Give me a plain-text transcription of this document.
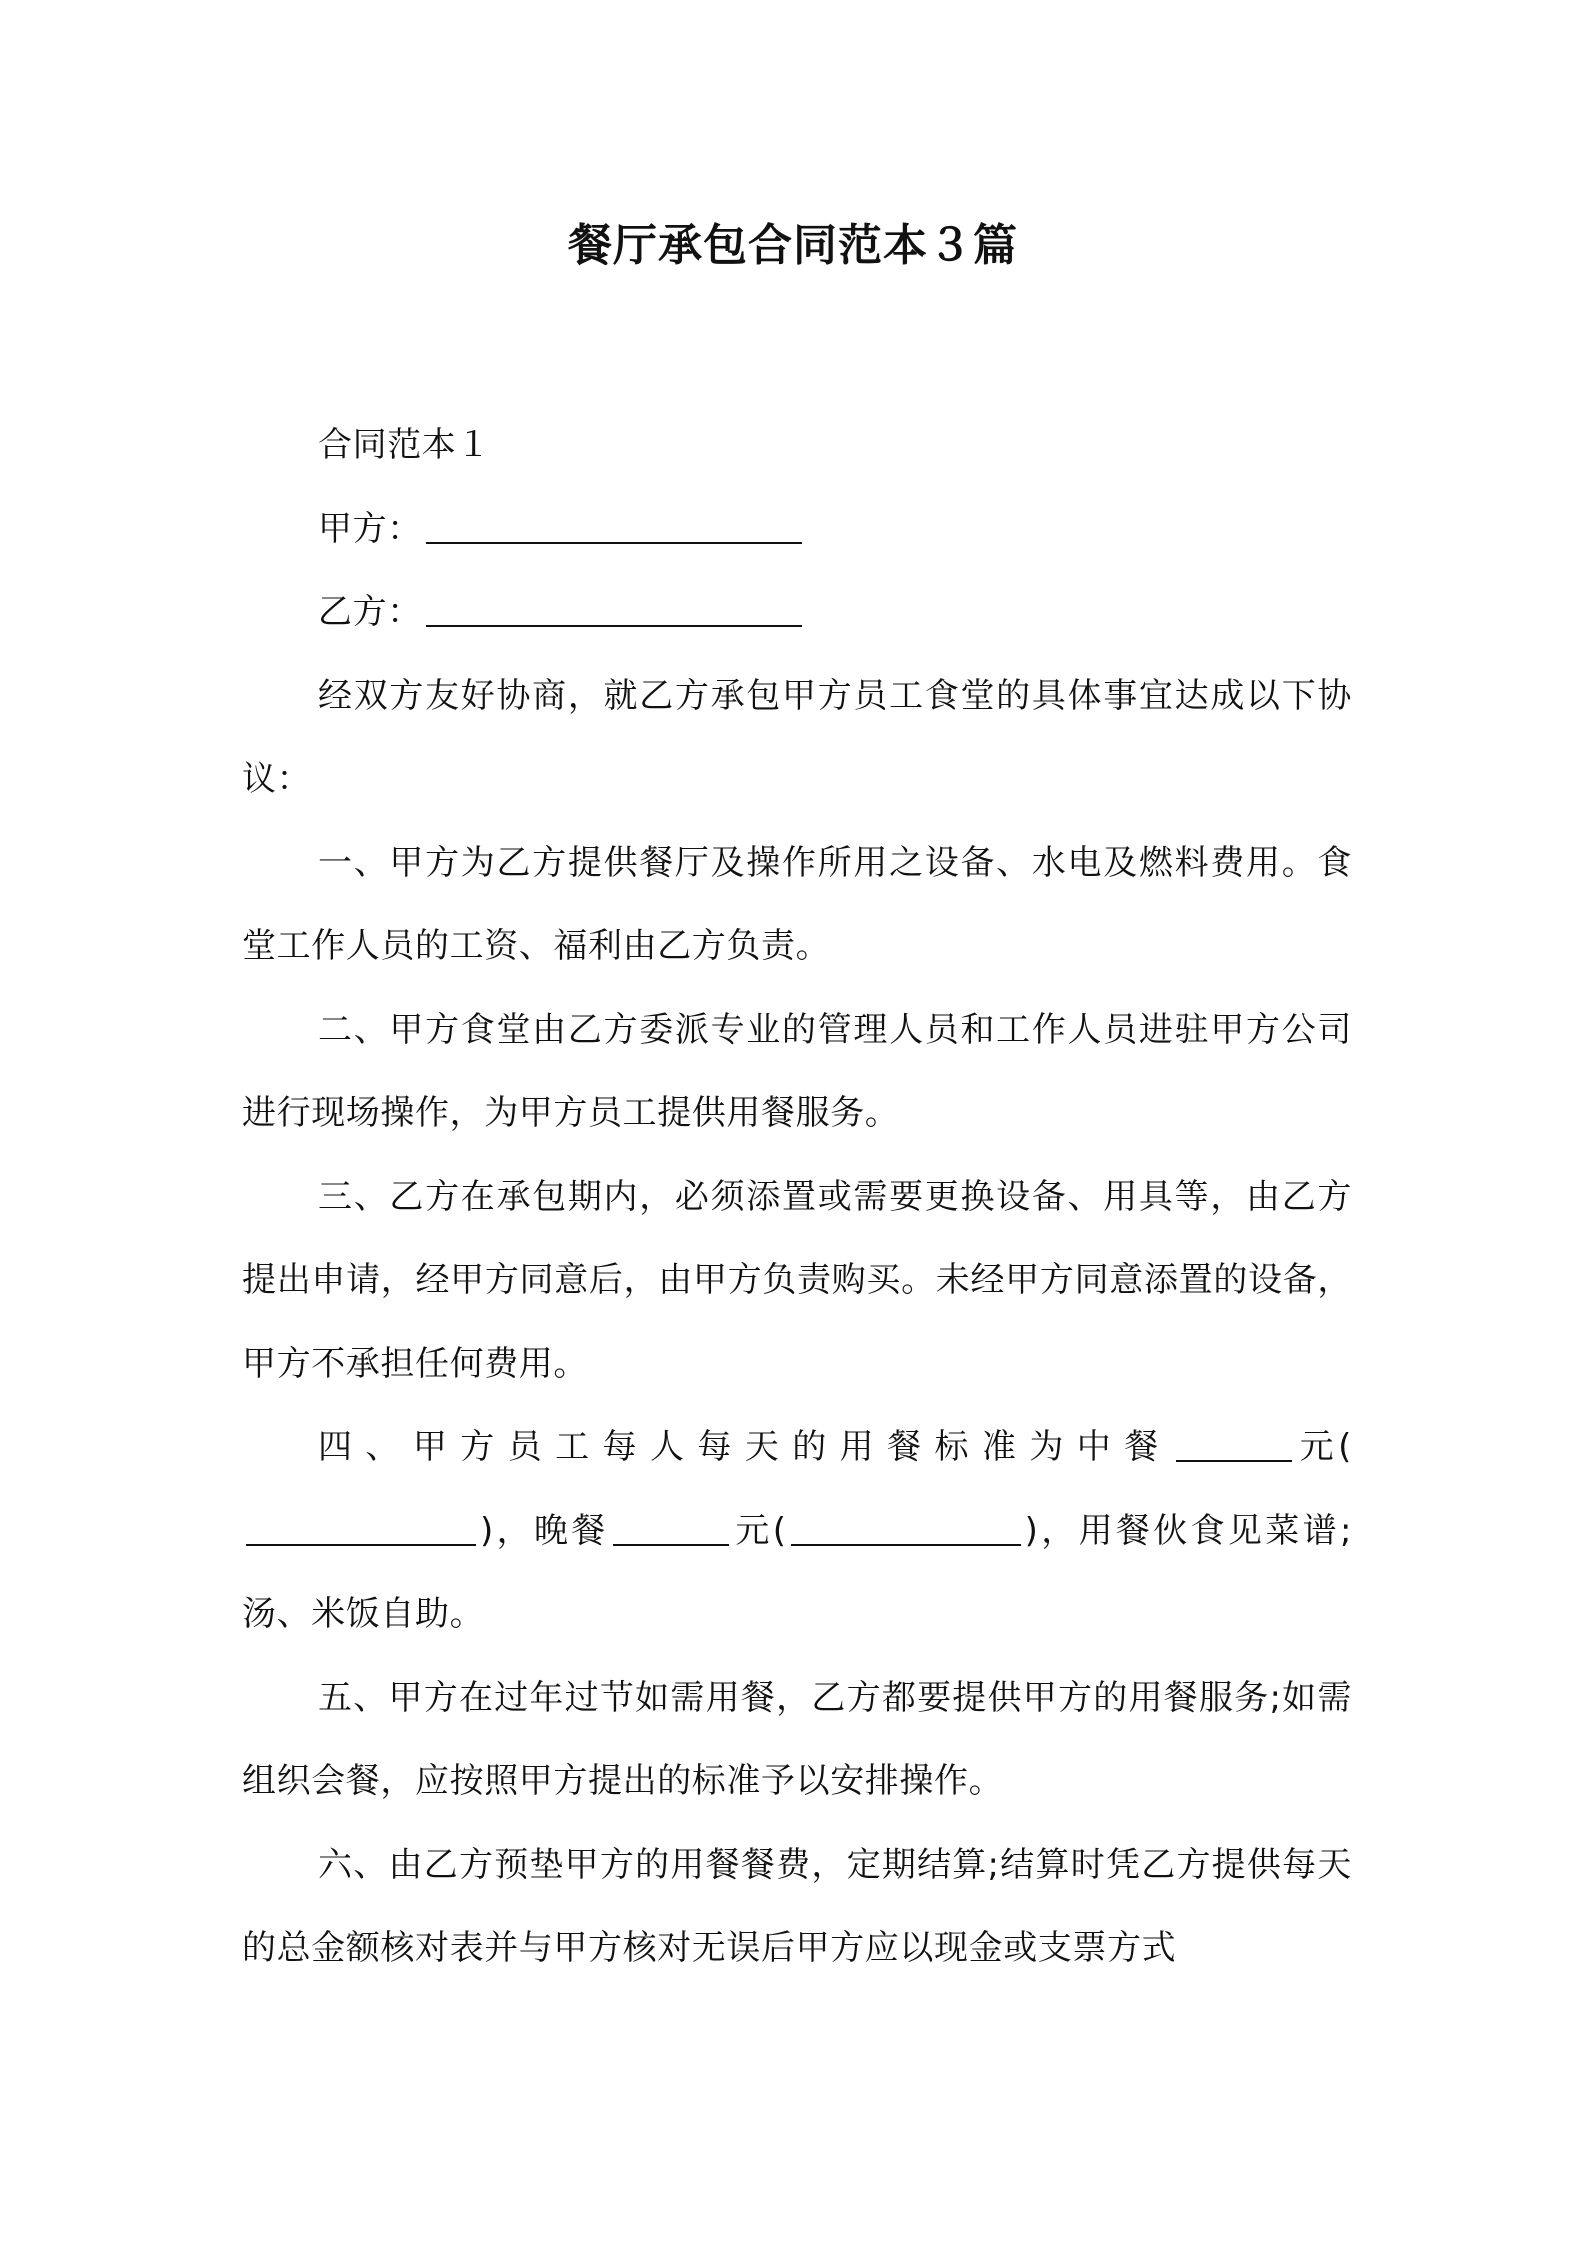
餐厅承包合同范本３篇

合同范本１

甲方：

乙方：

经双方友好协商，就乙方承包甲方员工食堂的具体事宜达成以下协议：

一、甲方为乙方提供餐厅及操作所用之设备、水电及燃料费用。食堂工作人员的工资、福利由乙方负责。

二、甲方食堂由乙方委派专业的管理人员和工作人员进驻甲方公司进行现场操作，为甲方员工提供用餐服务。

三、乙方在承包期内，必须添置或需要更换设备、用具等，由乙方提出申请，经甲方同意后，由甲方负责购买。未经甲方同意添置的设备，甲方不承担任何费用。

四、甲方员工每人每天的用餐标准为中餐	元()，晚餐	元(	)，用餐伙食见菜谱;汤、米饭自助。

五、甲方在过年过节如需用餐，乙方都要提供甲方的用餐服务;如需组织会餐，应按照甲方提出的标准予以安排操作。

六、由乙方预垫甲方的用餐餐费，定期结算;结算时凭乙方提供每天的总金额核对表并与甲方核对无误后甲方应以现金或支票方式
